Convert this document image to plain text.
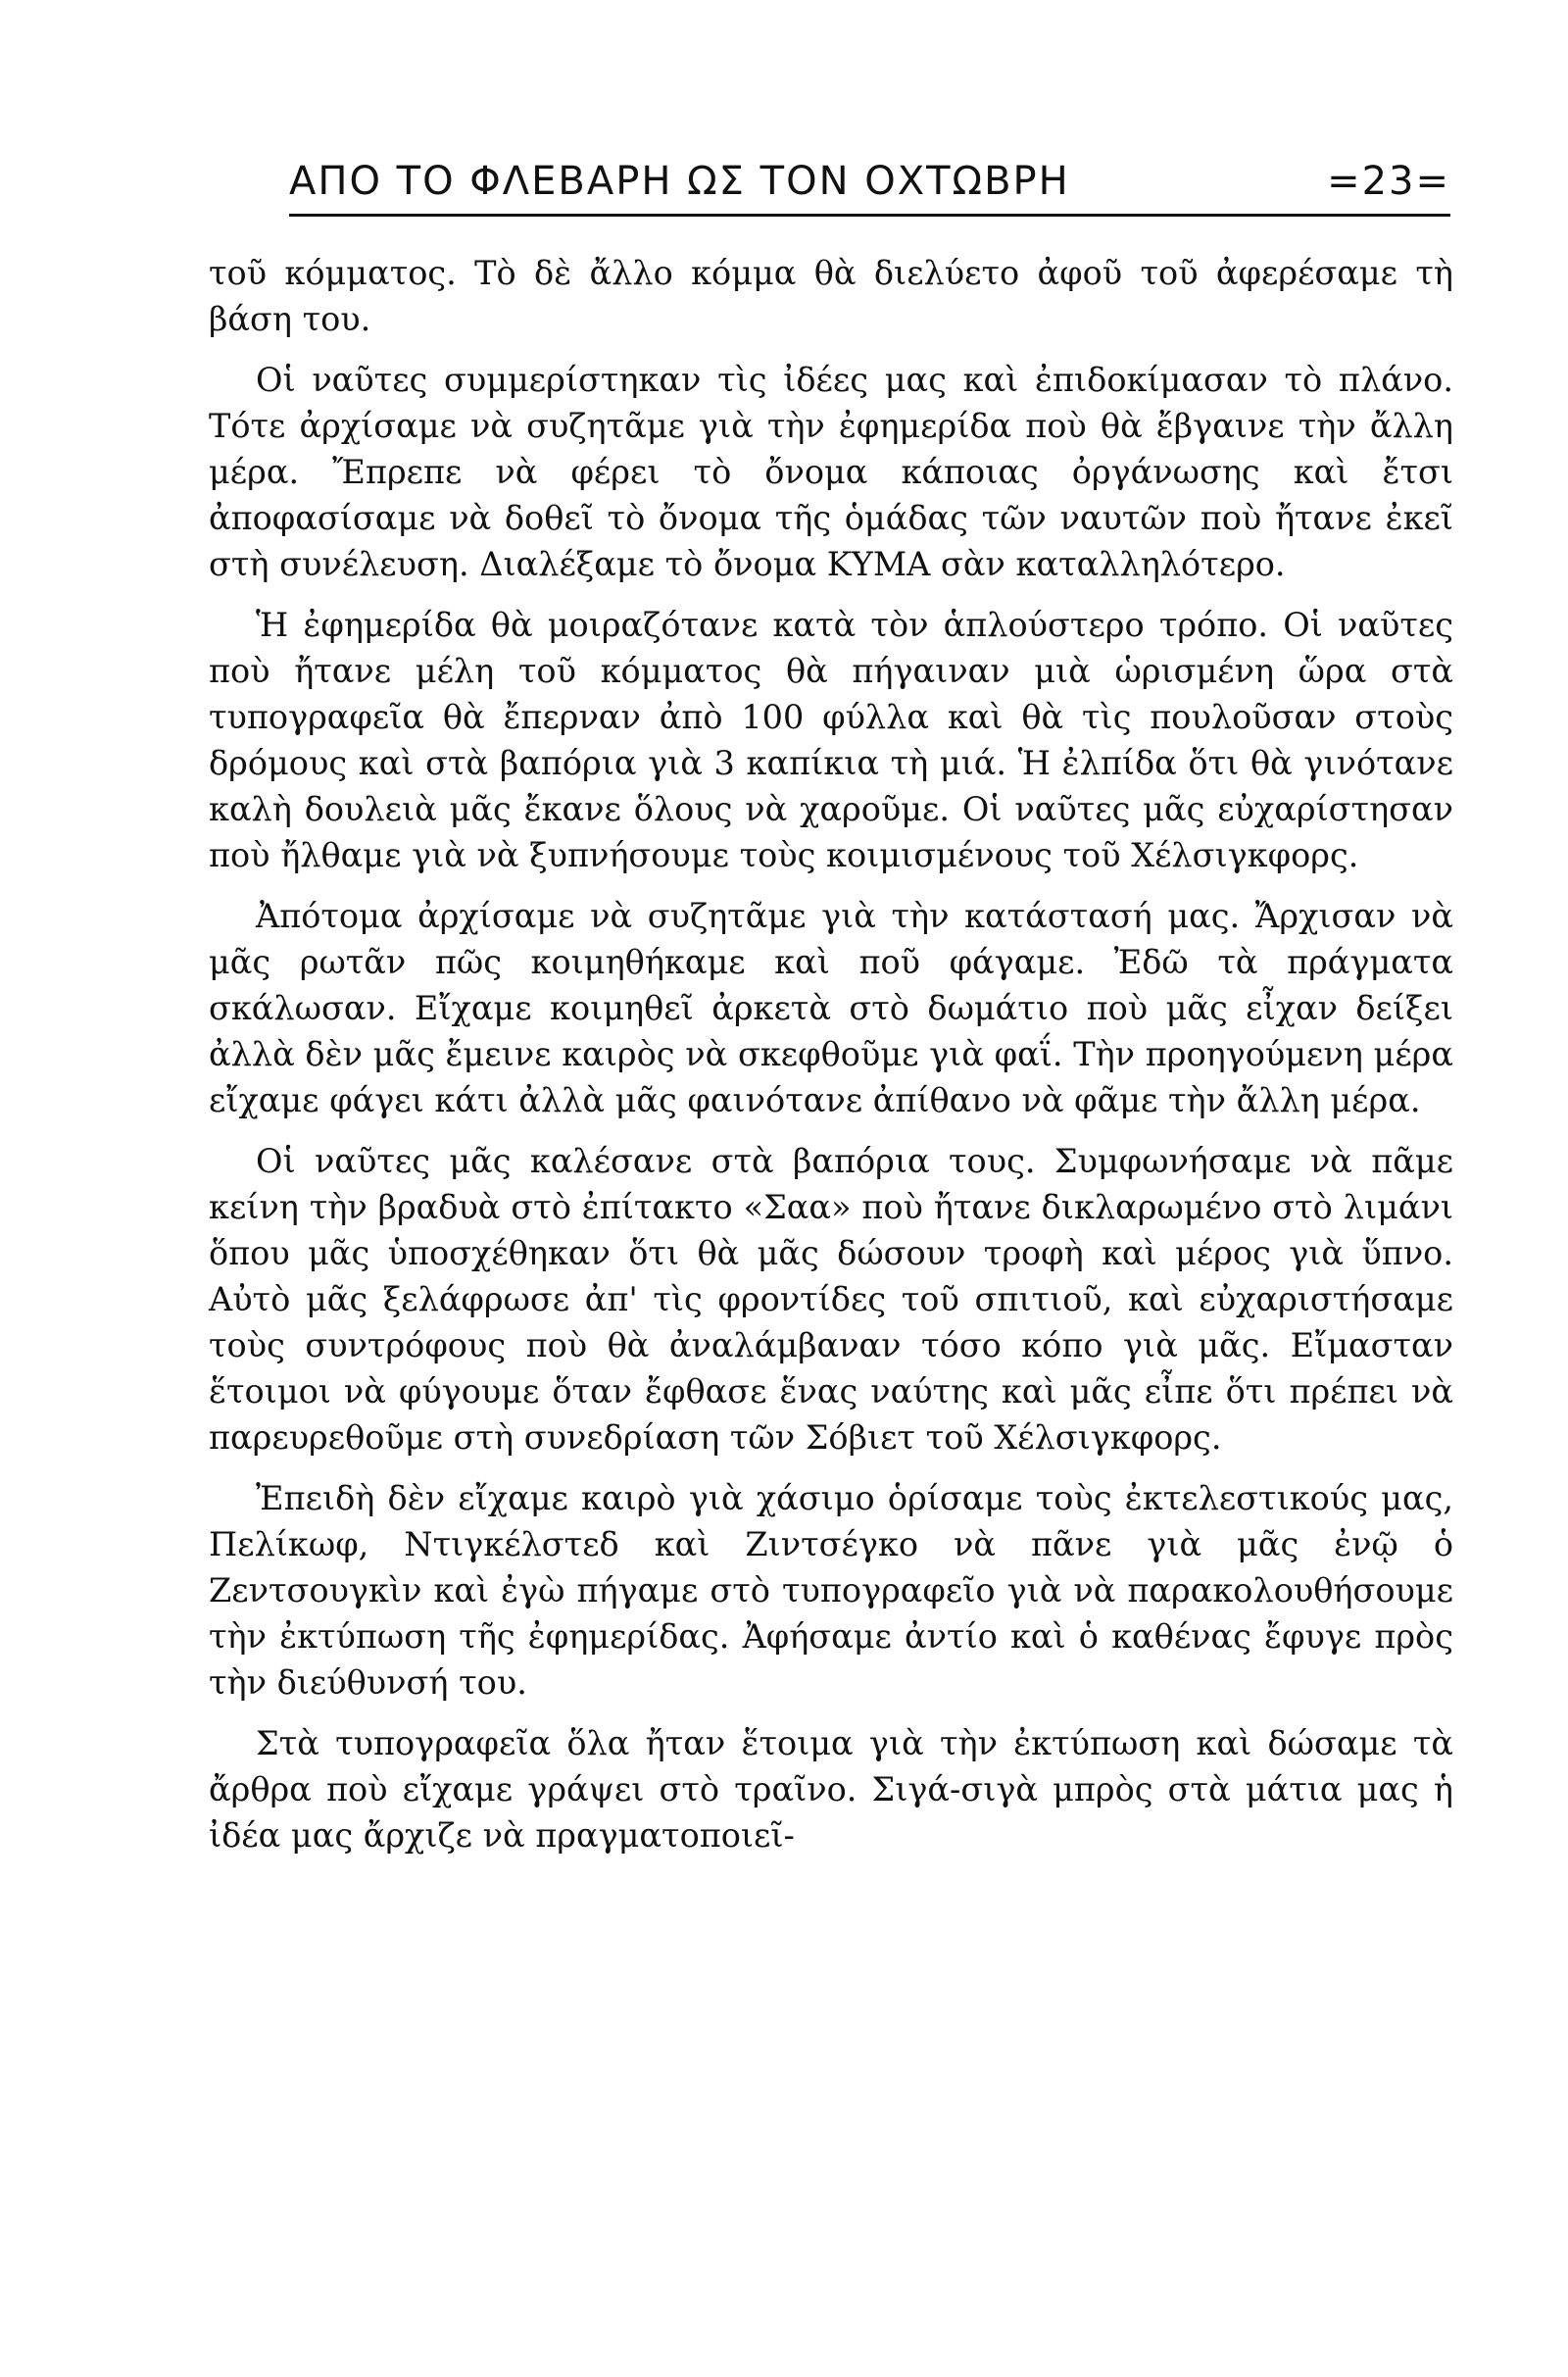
ΑΠΟ ΤΟ ΦΛΕΒΑΡΗ ΩΣ ΤΟΝ ΟΧΤΩΒΡΗ	=23=

τοῦ κόμματος. Τὸ δὲ ἄλλο κόμμα θὰ διελύετο ἀφοῦ τοῦ ἀφερέσαμε τὴ βάση του.

Οἱ ναῦτες συμμερίστηκαν τὶς ἰδέες μας καὶ ἐπιδοκίμασαν τὸ πλάνο. Τότε ἀρχίσαμε νὰ συζητᾶμε γιὰ τὴν ἐφημερίδα ποὺ θὰ ἔβγαινε τὴν ἄλλη μέρα. Ἔπρεπε νὰ φέρει τὸ ὄνομα κάποιας ὀργάνωσης καὶ ἔτσι ἀποφασίσαμε νὰ δοθεῖ τὸ ὄνομα τῆς ὁμάδας τῶν ναυτῶν ποὺ ἤτανε ἐκεῖ στὴ συνέλευση. Διαλέξαμε τὸ ὄνομα ΚΥΜΑ σὰν καταλληλότερο.

Ἡ ἐφημερίδα θὰ μοιραζότανε κατὰ τὸν ἁπλούστερο τρόπο. Οἱ ναῦτες ποὺ ἤτανε μέλη τοῦ κόμματος θὰ πήγαιναν μιὰ ὡρισμένη ὥρα στὰ τυπογραφεῖα θὰ ἔπερναν ἀπὸ 100 φύλλα καὶ θὰ τὶς πουλοῦσαν στοὺς δρόμους καὶ στὰ βαπόρια γιὰ 3 καπίκια τὴ μιά. Ἡ ἐλπίδα ὅτι θὰ γινότανε καλὴ δουλειὰ μᾶς ἔκανε ὅλους νὰ χαροῦμε. Οἱ ναῦτες μᾶς εὐχαρίστησαν ποὺ ἤλθαμε γιὰ νὰ ξυπνήσουμε τοὺς κοιμισμένους τοῦ Χέλσιγκφορς.

Ἀπότομα ἀρχίσαμε νὰ συζητᾶμε γιὰ τὴν κατάστασή μας. Ἄρχισαν νὰ μᾶς ρωτᾶν πῶς κοιμηθήκαμε καὶ ποῦ φάγαμε. Ἐδῶ τὰ πράγματα σκάλωσαν. Εἴχαμε κοιμηθεῖ ἀρκετὰ στὸ δωμάτιο ποὺ μᾶς εἶχαν δείξει ἀλλὰ δὲν μᾶς ἔμεινε καιρὸς νὰ σκεφθοῦμε γιὰ φαΐ. Τὴν προηγούμενη μέρα εἴχαμε φάγει κάτι ἀλλὰ μᾶς φαινότανε ἀπίθανο νὰ φᾶμε τὴν ἄλλη μέρα.

Οἱ ναῦτες μᾶς καλέσανε στὰ βαπόρια τους. Συμφωνήσαμε νὰ πᾶμε κείνη τὴν βραδυὰ στὸ ἐπίτακτο «Σαα» ποὺ ἤτανε δικλαρωμένο στὸ λιμάνι ὅπου μᾶς ὑποσχέθηκαν ὅτι θὰ μᾶς δώσουν τροφὴ καὶ μέρος γιὰ ὕπνο. Αὐτὸ μᾶς ξελάφρωσε ἀπ' τὶς φροντίδες τοῦ σπιτιοῦ, καὶ εὐχαριστήσαμε τοὺς συντρόφους ποὺ θὰ ἀναλάμβαναν τόσο κόπο γιὰ μᾶς. Εἴμασταν ἕτοιμοι νὰ φύγουμε ὅταν ἔφθασε ἕνας ναύτης καὶ μᾶς εἶπε ὅτι πρέπει νὰ παρευρεθοῦμε στὴ συνεδρίαση τῶν Σόβιετ τοῦ Χέλσιγκφορς.

Ἐπειδὴ δὲν εἴχαμε καιρὸ γιὰ χάσιμο ὁρίσαμε τοὺς ἐκτελεστικούς μας, Πελίκωφ, Ντιγκέλστεδ καὶ Ζιντσέγκο νὰ πᾶνε γιὰ μᾶς ἐνῷ ὁ Ζεντσουγκὶν καὶ ἐγὼ πήγαμε στὸ τυπογραφεῖο γιὰ νὰ παρακολουθήσουμε τὴν ἐκτύπωση τῆς ἐφημερίδας. Ἀφήσαμε ἀντίο καὶ ὁ καθένας ἔφυγε πρὸς τὴν διεύθυνσή του.

Στὰ τυπογραφεῖα ὅλα ἤταν ἕτοιμα γιὰ τὴν ἐκτύπωση καὶ δώσαμε τὰ ἄρθρα ποὺ εἴχαμε γράψει στὸ τραῖνο. Σιγά-σιγὰ μπρὸς στὰ μάτια μας ἡ ἰδέα μας ἄρχιζε νὰ πραγματοποιεῖ-
